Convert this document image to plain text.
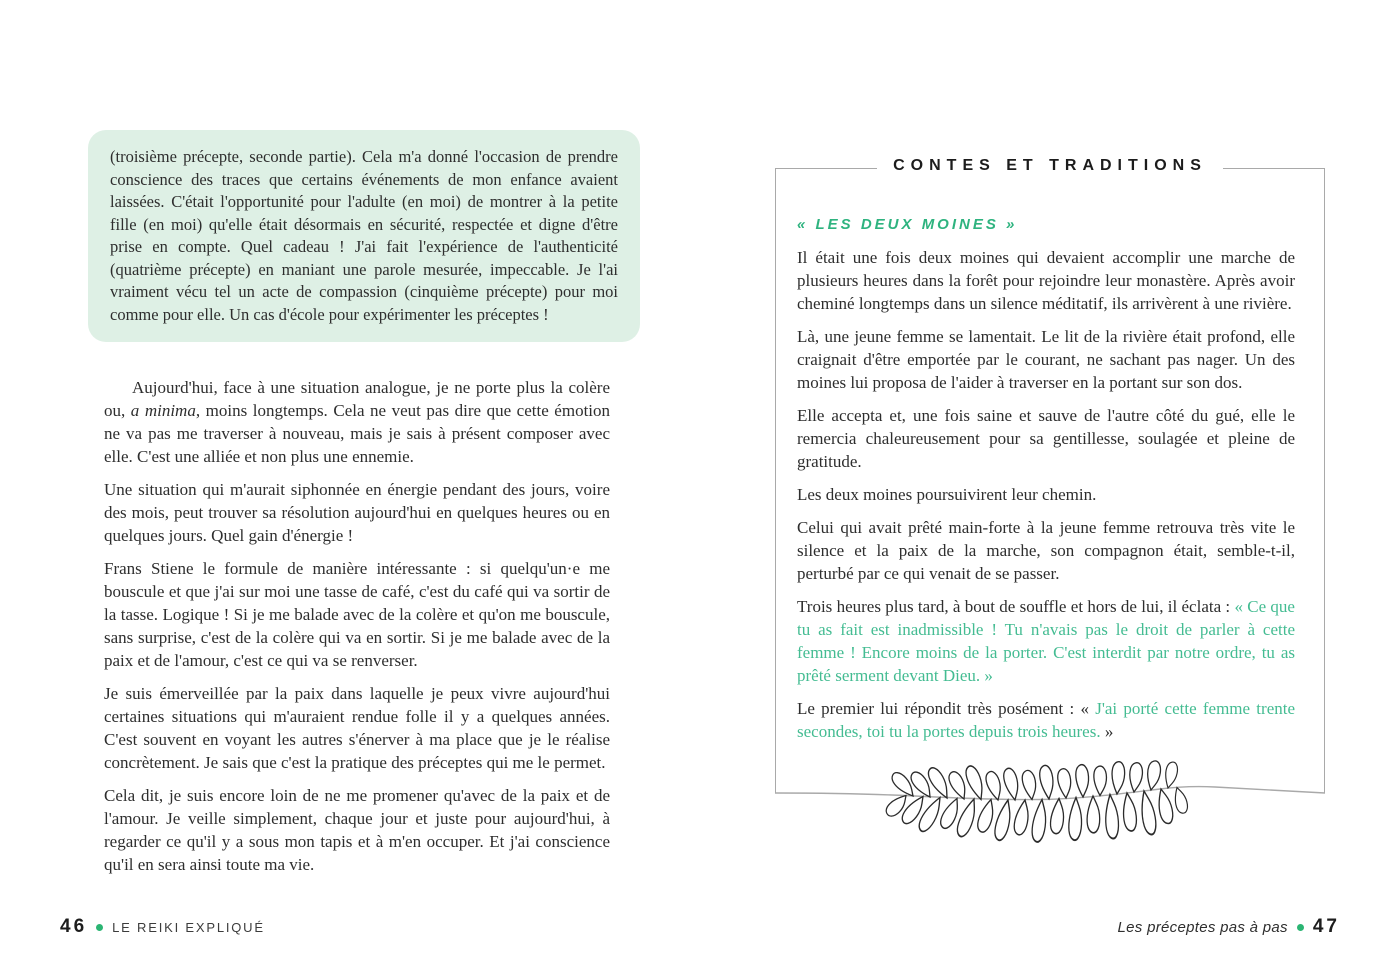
(troisième précepte, seconde partie). Cela m'a donné l'occasion de prendre conscience des traces que certains événements de mon enfance avaient laissées. C'était l'opportunité pour l'adulte (en moi) de montrer à la petite fille (en moi) qu'elle était désormais en sécurité, respectée et digne d'être prise en compte. Quel cadeau ! J'ai fait l'expérience de l'authenticité (quatrième précepte) en maniant une parole mesurée, impeccable. Je l'ai vraiment vécu tel un acte de compassion (cinquième précepte) pour moi comme pour elle. Un cas d'école pour expérimenter les préceptes !

Aujourd'hui, face à une situation analogue, je ne porte plus la colère ou, a minima, moins longtemps. Cela ne veut pas dire que cette émotion ne va pas me traverser à nouveau, mais je sais à présent composer avec elle. C'est une alliée et non plus une ennemie.

Une situation qui m'aurait siphonnée en énergie pendant des jours, voire des mois, peut trouver sa résolution aujourd'hui en quelques heures ou en quelques jours. Quel gain d'énergie !

Frans Stiene le formule de manière intéressante : si quelqu'un·e me bouscule et que j'ai sur moi une tasse de café, c'est du café qui va sortir de la tasse. Logique ! Si je me balade avec de la colère et qu'on me bouscule, sans surprise, c'est de la colère qui va en sortir. Si je me balade avec de la paix et de l'amour, c'est ce qui va se renverser.

Je suis émerveillée par la paix dans laquelle je peux vivre aujourd'hui certaines situations qui m'auraient rendue folle il y a quelques années. C'est souvent en voyant les autres s'énerver à ma place que je le réalise concrètement. Je sais que c'est la pratique des préceptes qui me le permet.

Cela dit, je suis encore loin de ne me promener qu'avec de la paix et de l'amour. Je veille simplement, chaque jour et juste pour aujourd'hui, à regarder ce qu'il y a sous mon tapis et à m'en occuper. Et j'ai conscience qu'il en sera ainsi toute ma vie.

46 LE REIKI EXPLIQUÉ
CONTES ET TRADITIONS
« LES DEUX MOINES »

Il était une fois deux moines qui devaient accomplir une marche de plusieurs heures dans la forêt pour rejoindre leur monastère. Après avoir cheminé longtemps dans un silence méditatif, ils arrivèrent à une rivière.

Là, une jeune femme se lamentait. Le lit de la rivière était profond, elle craignait d'être emportée par le courant, ne sachant pas nager. Un des moines lui proposa de l'aider à traverser en la portant sur son dos.

Elle accepta et, une fois saine et sauve de l'autre côté du gué, elle le remercia chaleureusement pour sa gentillesse, soulagée et pleine de gratitude.

Les deux moines poursuivirent leur chemin.

Celui qui avait prêté main-forte à la jeune femme retrouva très vite le silence et la paix de la marche, son compagnon était, semble-t-il, perturbé par ce qui venait de se passer.

Trois heures plus tard, à bout de souffle et hors de lui, il éclata : « Ce que tu as fait est inadmissible ! Tu n'avais pas le droit de parler à cette femme ! Encore moins de la porter. C'est interdit par notre ordre, tu as prêté serment devant Dieu. »

Le premier lui répondit très posément : « J'ai porté cette femme trente secondes, toi tu la portes depuis trois heures. »

Les préceptes pas à pas 47
